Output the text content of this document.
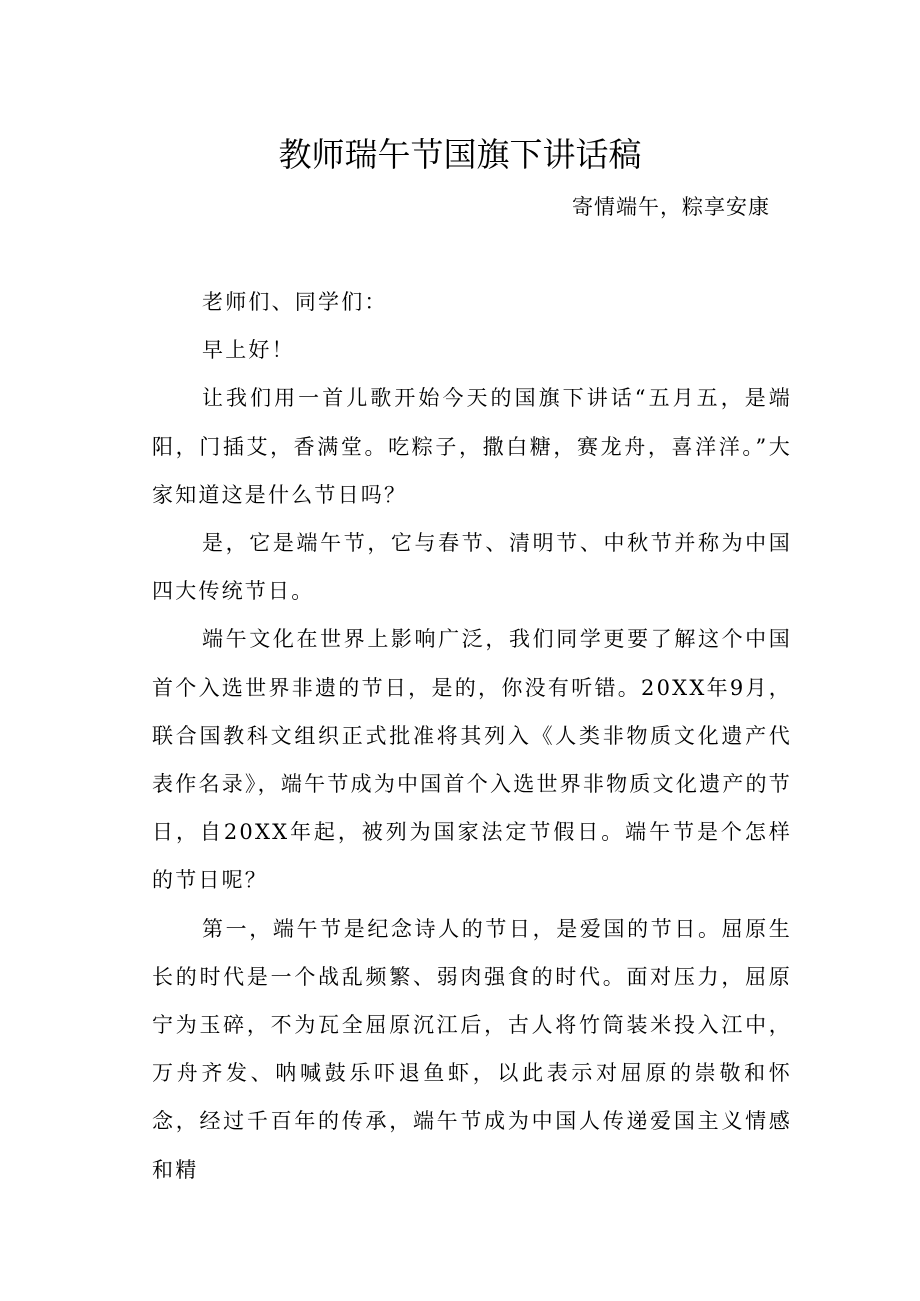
教师瑞午节国旗下讲话稿
寄情端午，粽享安康

老师们、同学们：

早上好！

让我们用一首儿歌开始今天的国旗下讲话“五月五，是端阳，门插艾，香满堂。吃粽子，撒白糖，赛龙舟，喜洋洋。”大家知道这是什么节日吗？

是，它是端午节，它与春节、清明节、中秋节并称为中国四大传统节日。

端午文化在世界上影响广泛，我们同学更要了解这个中国首个入选世界非遗的节日，是的，你没有听错。20XX年9月，联合国教科文组织正式批准将其列入《人类非物质文化遗产代表作名录》，端午节成为中国首个入选世界非物质文化遗产的节日，自20XX年起，被列为国家法定节假日。端午节是个怎样的节日呢？

第一，端午节是纪念诗人的节日，是爱国的节日。屈原生长的时代是一个战乱频繁、弱肉强食的时代。面对压力，屈原宁为玉碎，不为瓦全屈原沉江后，古人将竹筒装米投入江中，万舟齐发、呐喊鼓乐吓退鱼虾，以此表示对屈原的崇敬和怀念，经过千百年的传承，端午节成为中国人传递爱国主义情感和精
